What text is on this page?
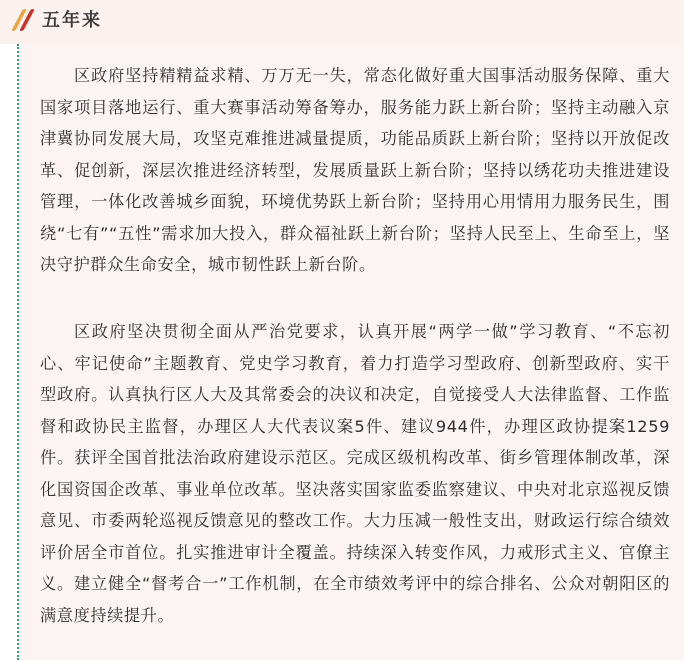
五年来

区政府坚持精精益求精、万万无一失，常态化做好重大国事活动服务保障、重大国家项目落地运行、重大赛事活动筹备筹办，服务能力跃上新台阶；坚持主动融入京津冀协同发展大局，攻坚克难推进减量提质，功能品质跃上新台阶；坚持以开放促改革、促创新，深层次推进经济转型，发展质量跃上新台阶；坚持以绣花功夫推进建设管理，一体化改善城乡面貌，环境优势跃上新台阶；坚持用心用情用力服务民生，围绕“七有”“五性”需求加大投入，群众福祉跃上新台阶；坚持人民至上、生命至上，坚决守护群众生命安全，城市韧性跃上新台阶。

区政府坚决贯彻全面从严治党要求，认真开展“两学一做”学习教育、“不忘初心、牢记使命”主题教育、党史学习教育，着力打造学习型政府、创新型政府、实干型政府。认真执行区人大及其常委会的决议和决定，自觉接受人大法律监督、工作监督和政协民主监督，办理区人大代表议案5件、建议944件，办理区政协提案1259件。获评全国首批法治政府建设示范区。完成区级机构改革、街乡管理体制改革，深化国资国企改革、事业单位改革。坚决落实国家监委监察建议、中央对北京巡视反馈意见、市委两轮巡视反馈意见的整改工作。大力压减一般性支出，财政运行综合绩效评价居全市首位。扎实推进审计全覆盖。持续深入转变作风，力戒形式主义、官僚主义。建立健全“督考合一”工作机制，在全市绩效考评中的综合排名、公众对朝阳区的满意度持续提升。
